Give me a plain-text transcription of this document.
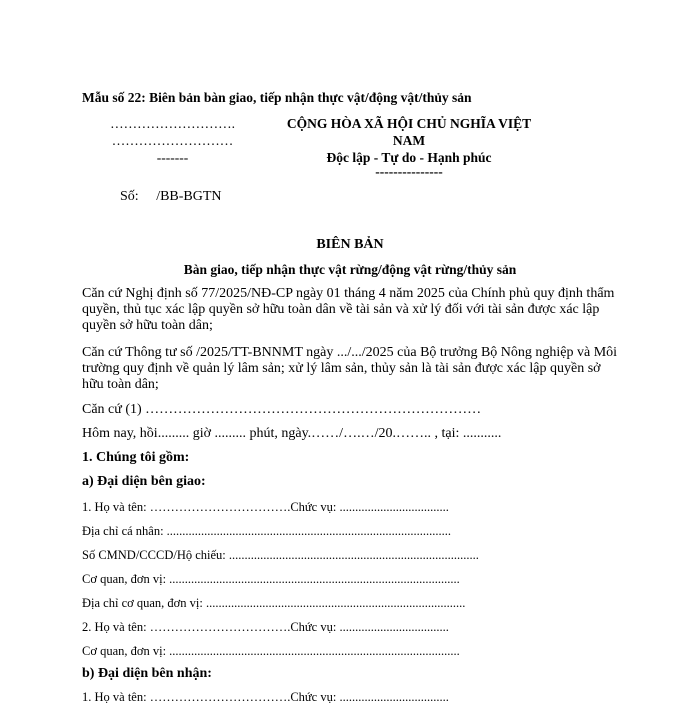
Mẫu số 22: Biên bản bàn giao, tiếp nhận thực vật/động vật/thủy sản
……………………….
………………………
-------
CỘNG HÒA XÃ HỘI CHỦ NGHĨA VIỆT
NAM
Độc lập - Tự do - Hạnh phúc
---------------
Số: /BB-BGTN
BIÊN BẢN
Bàn giao, tiếp nhận thực vật rừng/động vật rừng/thủy sản
Căn cứ Nghị định số 77/2025/NĐ-CP ngày 01 tháng 4 năm 2025 của Chính phủ quy định thẩm quyền, thủ tục xác lập quyền sở hữu toàn dân về tài sản và xử lý đối với tài sản được xác lập quyền sở hữu toàn dân;
Căn cứ Thông tư số /2025/TT-BNNMT ngày .../.../2025 của Bộ trưởng Bộ Nông nghiệp và Môi trường quy định về quản lý lâm sản; xử lý lâm sản, thủy sản là tài sản được xác lập quyền sở hữu toàn dân;
Căn cứ (1) ………………………………………………………………
Hôm nay, hồi......... giờ ......... phút, ngày.……/….…/20.…….. , tại: ...........
1. Chúng tôi gồm:
a) Đại diện bên giao:
1. Họ và tên: …………………………….Chức vụ: ...................................
Địa chỉ cá nhân: ...........................................................................................
Số CMND/CCCD/Hộ chiếu: ................................................................................
Cơ quan, đơn vị: .............................................................................................
Địa chỉ cơ quan, đơn vị: ...................................................................................
2. Họ và tên: …………………………….Chức vụ: ...................................
Cơ quan, đơn vị: .............................................................................................
b) Đại diện bên nhận:
1. Họ và tên: …………………………….Chức vụ: ...................................
